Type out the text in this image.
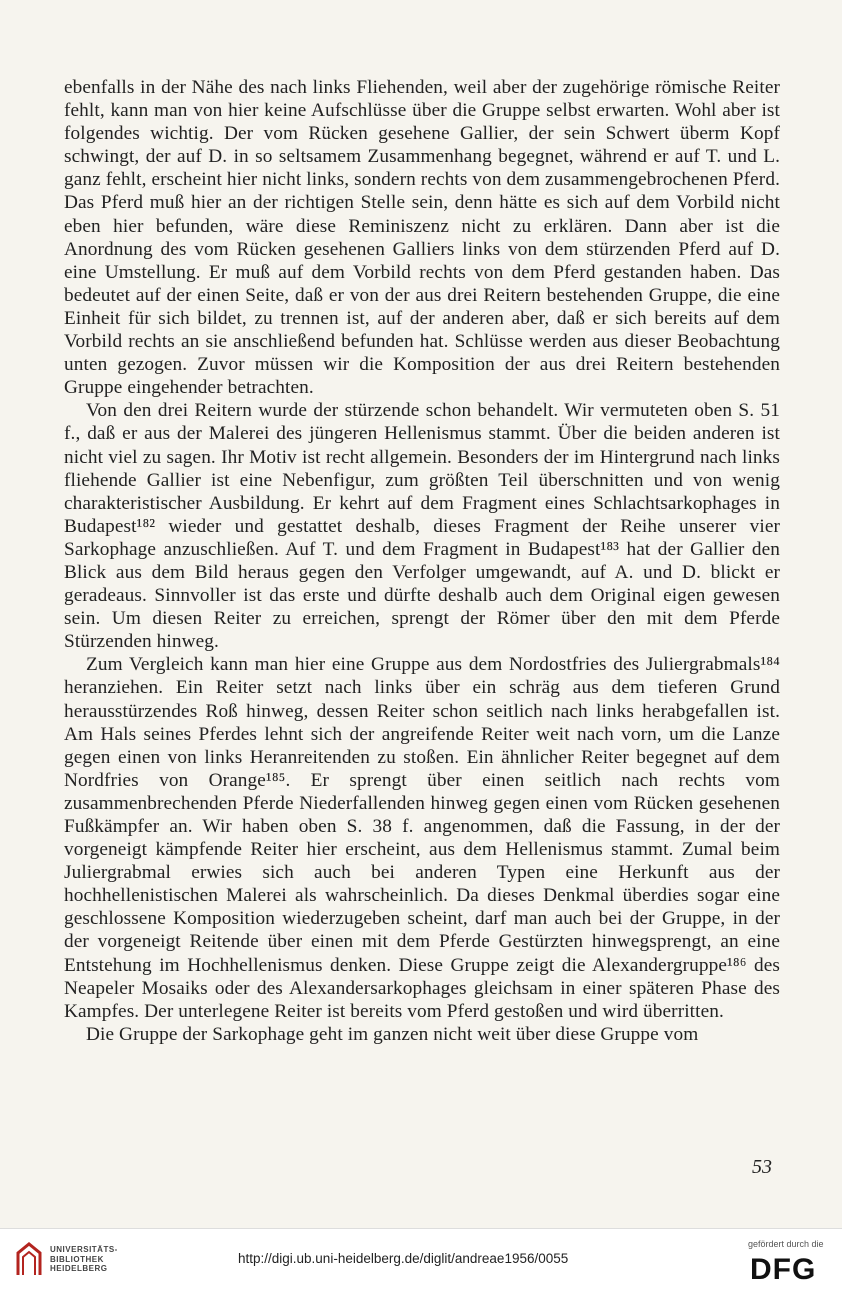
ebenfalls in der Nähe des nach links Fliehenden, weil aber der zugehörige römische Reiter fehlt, kann man von hier keine Aufschlüsse über die Gruppe selbst erwarten. Wohl aber ist folgendes wichtig. Der vom Rücken gesehene Gallier, der sein Schwert überm Kopf schwingt, der auf D. in so seltsamem Zusammenhang begegnet, während er auf T. und L. ganz fehlt, erscheint hier nicht links, sondern rechts von dem zusammengebrochenen Pferd. Das Pferd muß hier an der richtigen Stelle sein, denn hätte es sich auf dem Vorbild nicht eben hier befunden, wäre diese Reminiszenz nicht zu erklären. Dann aber ist die Anordnung des vom Rücken gesehenen Galliers links von dem stürzenden Pferd auf D. eine Umstellung. Er muß auf dem Vorbild rechts von dem Pferd gestanden haben. Das bedeutet auf der einen Seite, daß er von der aus drei Reitern bestehenden Gruppe, die eine Einheit für sich bildet, zu trennen ist, auf der anderen aber, daß er sich bereits auf dem Vorbild rechts an sie anschließend befunden hat. Schlüsse werden aus dieser Beobachtung unten gezogen. Zuvor müssen wir die Komposition der aus drei Reitern bestehenden Gruppe eingehender betrachten.

Von den drei Reitern wurde der stürzende schon behandelt. Wir vermuteten oben S. 51 f., daß er aus der Malerei des jüngeren Hellenismus stammt. Über die beiden anderen ist nicht viel zu sagen. Ihr Motiv ist recht allgemein. Besonders der im Hintergrund nach links fliehende Gallier ist eine Nebenfigur, zum größten Teil überschnitten und von wenig charakteristischer Ausbildung. Er kehrt auf dem Fragment eines Schlachtsarkophages in Budapest¹⁸² wieder und gestattet deshalb, dieses Fragment der Reihe unserer vier Sarkophage anzuschließen. Auf T. und dem Fragment in Budapest¹⁸³ hat der Gallier den Blick aus dem Bild heraus gegen den Verfolger umgewandt, auf A. und D. blickt er geradeaus. Sinnvoller ist das erste und dürfte deshalb auch dem Original eigen gewesen sein. Um diesen Reiter zu erreichen, sprengt der Römer über den mit dem Pferde Stürzenden hinweg.

Zum Vergleich kann man hier eine Gruppe aus dem Nordostfries des Juliergrabmals¹⁸⁴ heranziehen. Ein Reiter setzt nach links über ein schräg aus dem tieferen Grund herausstürzendes Roß hinweg, dessen Reiter schon seitlich nach links herabgefallen ist. Am Hals seines Pferdes lehnt sich der angreifende Reiter weit nach vorn, um die Lanze gegen einen von links Heranreitenden zu stoßen. Ein ähnlicher Reiter begegnet auf dem Nordfries von Orange¹⁸⁵. Er sprengt über einen seitlich nach rechts vom zusammenbrechenden Pferde Niederfallenden hinweg gegen einen vom Rücken gesehenen Fußkämpfer an. Wir haben oben S. 38 f. angenommen, daß die Fassung, in der der vorgeneigt kämpfende Reiter hier erscheint, aus dem Hellenismus stammt. Zumal beim Juliergrabmal erwies sich auch bei anderen Typen eine Herkunft aus der hochhellenistischen Malerei als wahrscheinlich. Da dieses Denkmal überdies sogar eine geschlossene Komposition wiederzugeben scheint, darf man auch bei der Gruppe, in der der vorgeneigt Reitende über einen mit dem Pferde Gestürzten hinwegsprengt, an eine Entstehung im Hochhellenismus denken. Diese Gruppe zeigt die Alexandergruppe¹⁸⁶ des Neapeler Mosaiks oder des Alexandersarkophages gleichsam in einer späteren Phase des Kampfes. Der unterlegene Reiter ist bereits vom Pferd gestoßen und wird überritten.

Die Gruppe der Sarkophage geht im ganzen nicht weit über diese Gruppe vom

53
UNIVERSITÄTS-
BIBLIOTHEK
HEIDELBERG
http://digi.ub.uni-heidelberg.de/diglit/andreae1956/0055
gefördert durch die
DFG
